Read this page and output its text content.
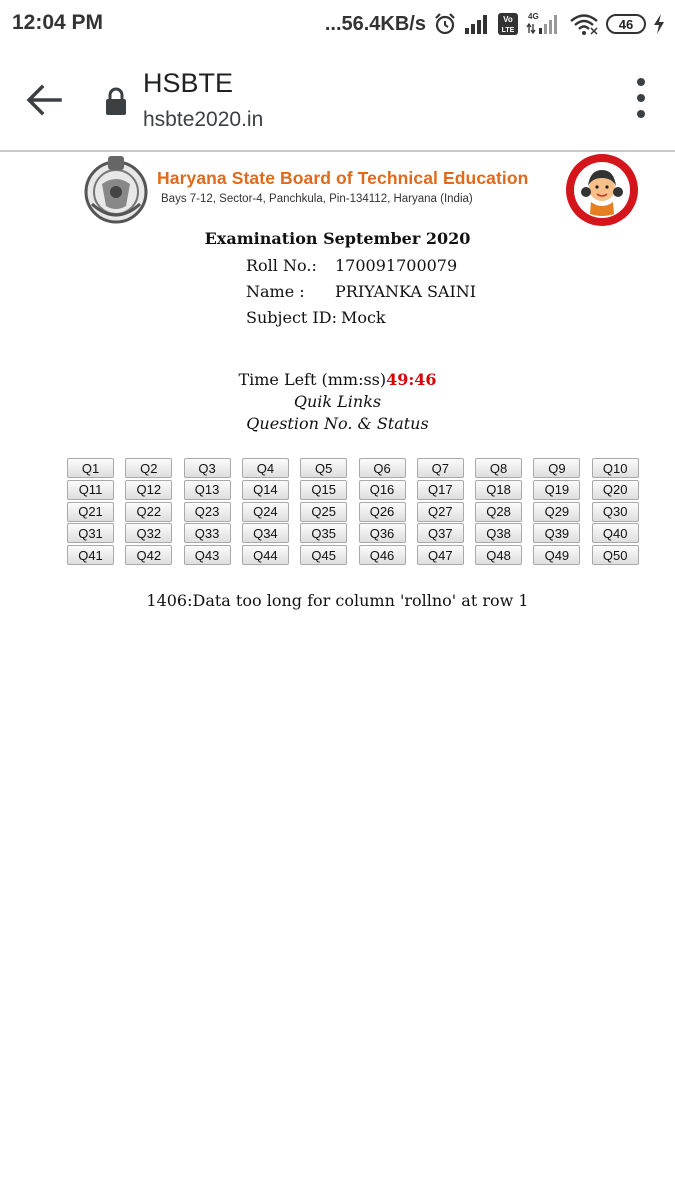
12:04 PM	...56.4KB/s	Vo
LTE
4G	46
HSBTE
hsbte2020.in
Haryana State Board of Technical Education
Bays 7-12, Sector-4, Panchkula, Pin-134112, Haryana (India)
Examination September 2020
Roll No.: 170091700079
Name : PRIYANKA SAINI
Subject ID: Mock
Time Left (mm:ss)49:46
Quik Links
Question No. & Status
Q1	Q2	Q3	Q4	Q5	Q6	Q7	Q8	Q9	Q10
Q11	Q12	Q13	Q14	Q15	Q16	Q17	Q18	Q19	Q20
Q21	Q22	Q23	Q24	Q25	Q26	Q27	Q28	Q29	Q30
Q31	Q32	Q33	Q34	Q35	Q36	Q37	Q38	Q39	Q40
Q41	Q42	Q43	Q44	Q45	Q46	Q47	Q48	Q49	Q50
1406:Data too long for column 'rollno' at row 1
